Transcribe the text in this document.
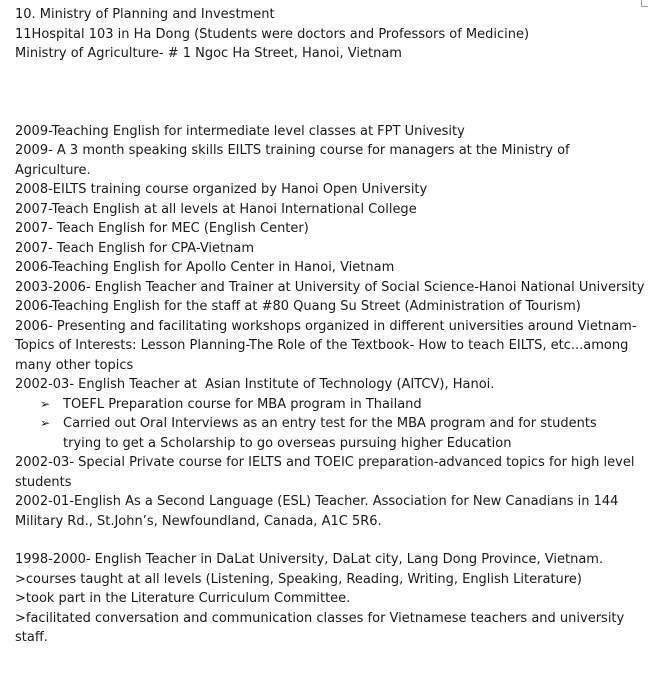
10. Ministry of Planning and Investment
11Hospital 103 in Ha Dong (Students were doctors and Professors of Medicine)
Ministry of Agriculture- # 1 Ngoc Ha Street, Hanoi, Vietnam
2009-Teaching English for intermediate level classes at FPT Univesity
2009- A 3 month speaking skills EILTS training course for managers at the Ministry of Agriculture.
2008-EILTS training course organized by Hanoi Open University
2007-Teach English at all levels at Hanoi International College
2007- Teach English for MEC (English Center)
2007- Teach English for CPA-Vietnam
2006-Teaching English for Apollo Center in Hanoi, Vietnam
2003-2006- English Teacher and Trainer at University of Social Science-Hanoi National University
2006-Teaching English for the staff at #80 Quang Su Street (Administration of Tourism)
2006- Presenting and facilitating workshops organized in different universities around Vietnam- Topics of Interests: Lesson Planning-The Role of the Textbook- How to teach EILTS, etc...among many other topics
2002-03- English Teacher at  Asian Institute of Technology (AITCV), Hanoi.
➢ TOEFL Preparation course for MBA program in Thailand
➢ Carried out Oral Interviews as an entry test for the MBA program and for students trying to get a Scholarship to go overseas pursuing higher Education
2002-03- Special Private course for IELTS and TOEIC preparation-advanced topics for high level students
2002-01-English As a Second Language (ESL) Teacher. Association for New Canadians in 144 Military Rd., St.John’s, Newfoundland, Canada, A1C 5R6.
1998-2000- English Teacher in DaLat University, DaLat city, Lang Dong Province, Vietnam.
>courses taught at all levels (Listening, Speaking, Reading, Writing, English Literature)
>took part in the Literature Curriculum Committee.
>facilitated conversation and communication classes for Vietnamese teachers and university staff.
